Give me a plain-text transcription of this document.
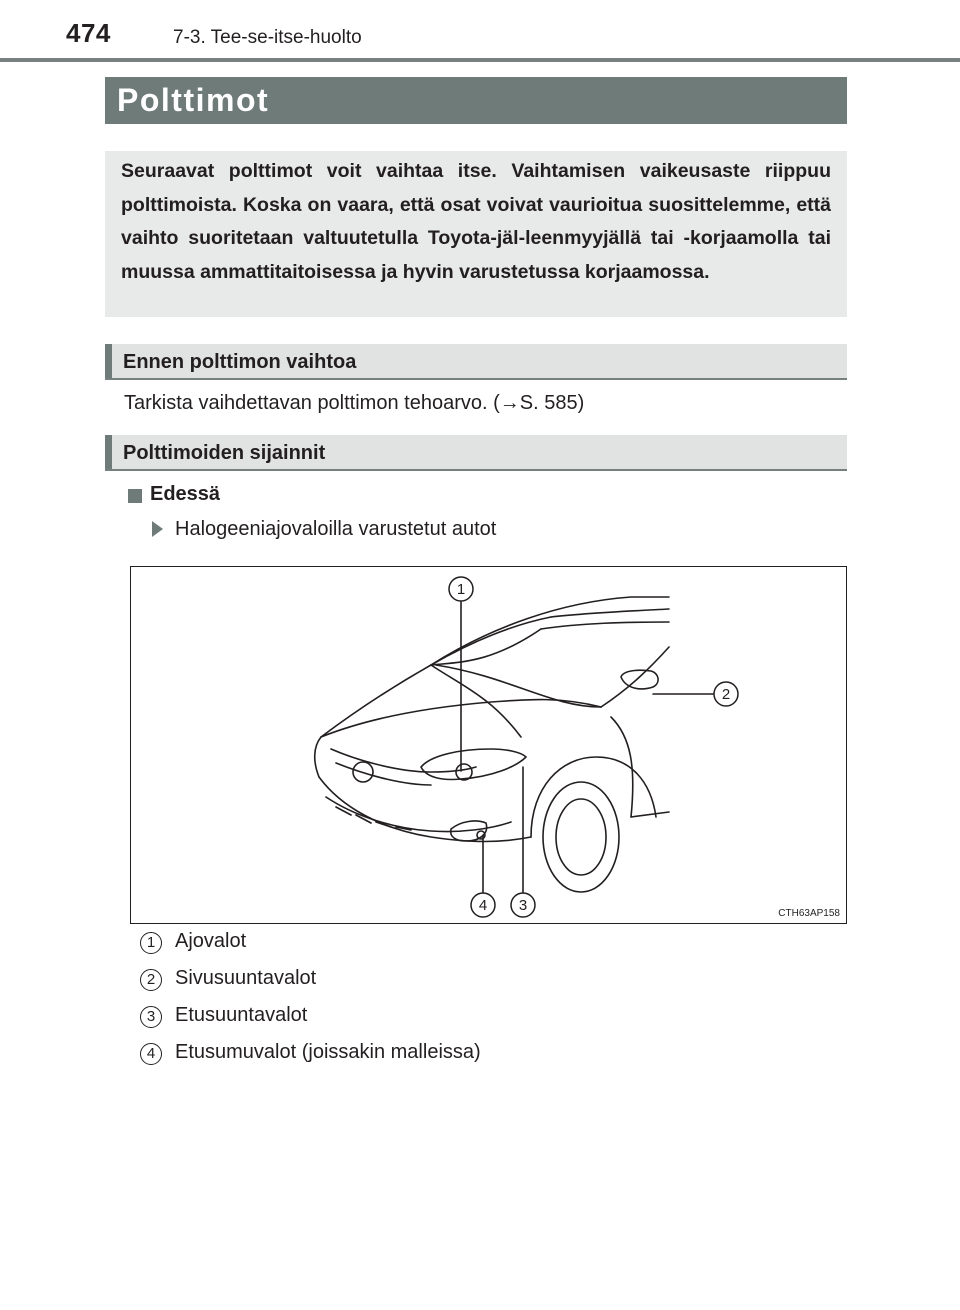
474	7-3. Tee-se-itse-huolto
Polttimot

Seuraavat polttimot voit vaihtaa itse. Vaihtamisen vaikeusaste riippuu polttimoista. Koska on vaara, että osat voivat vaurioitua suosittelemme, että vaihto suoritetaan valtuutetulla Toyota-jäl-leenmyyjällä tai -korjaamolla tai muussa ammattitaitoisessa ja hyvin varustetussa korjaamossa.

Ennen polttimon vaihtoa
Tarkista vaihdettavan polttimon tehoarvo. (→S. 585)
Polttimoiden sijainnit
Edessä
Halogeeniajovaloilla varustetut autot
1
2
3
4	CTH63AP158
1 Ajovalot
2 Sivusuuntavalot
3 Etusuuntavalot
4 Etusumuvalot (joissakin malleissa)
